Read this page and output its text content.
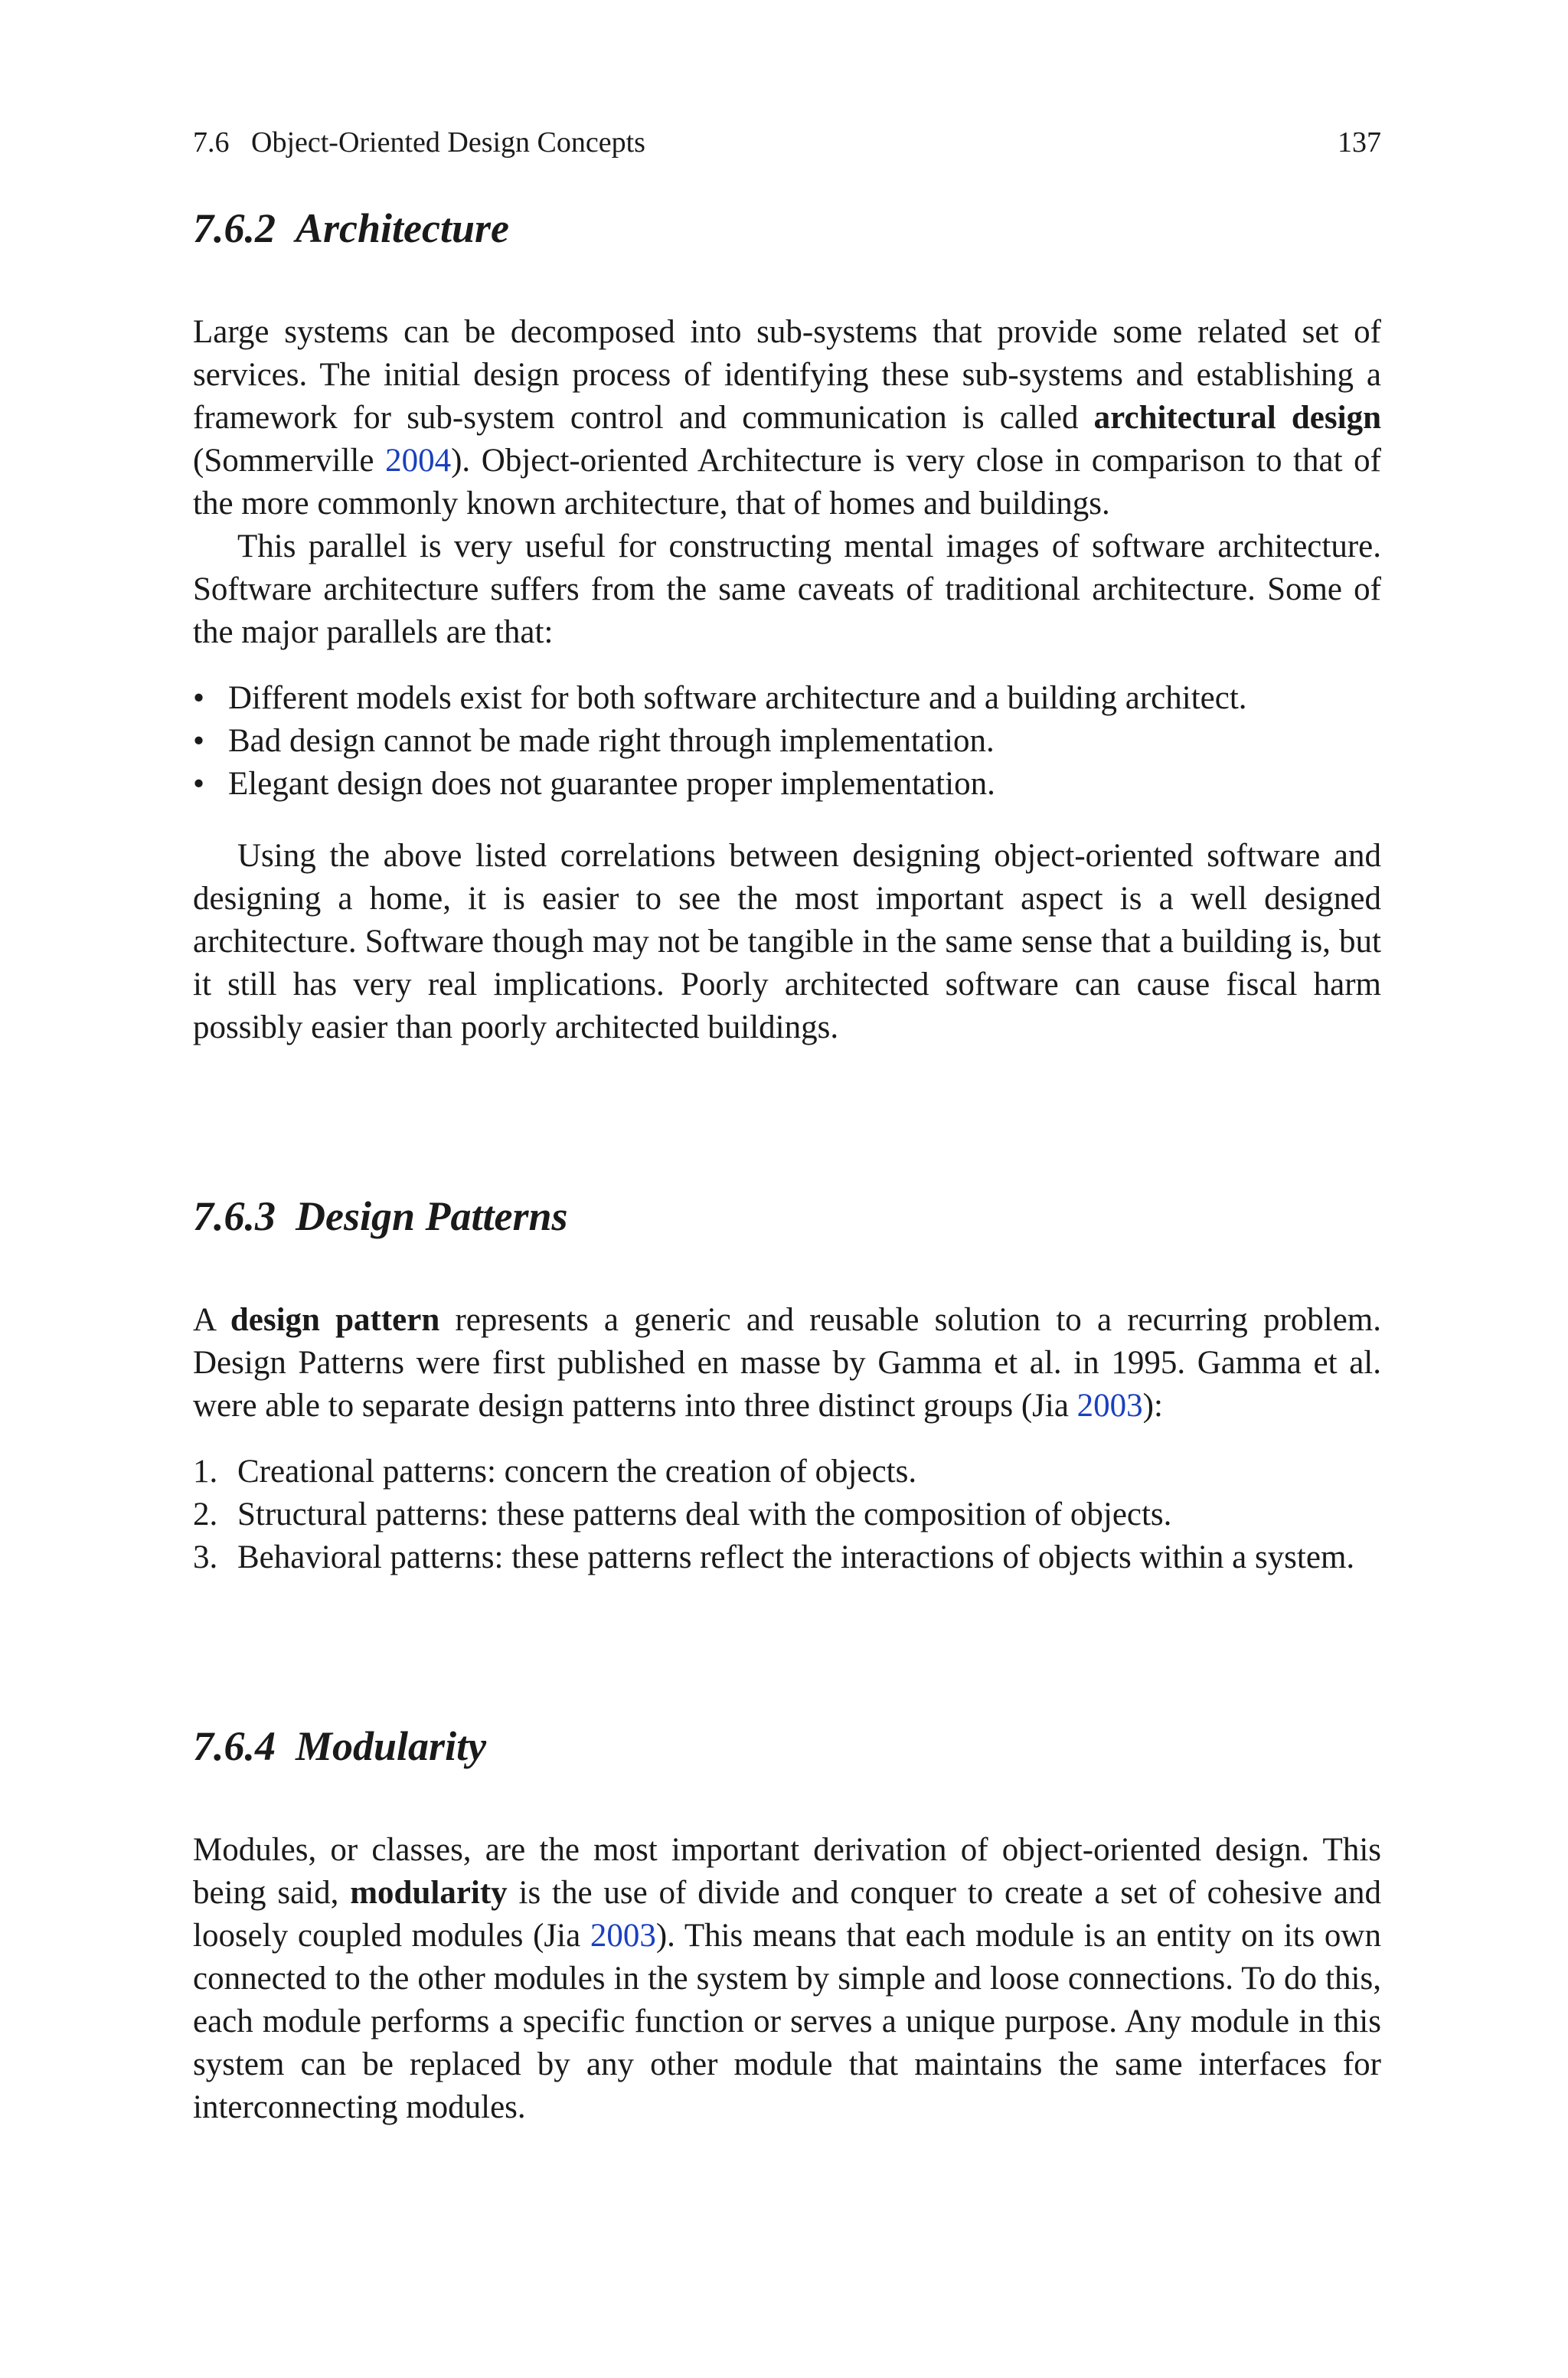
7.6   Object-Oriented Design Concepts	137
7.6.2 Architecture

Large systems can be decomposed into sub-systems that provide some related set of services. The initial design process of identifying these sub-systems and establishing a framework for sub-system control and communication is called architectural design (Sommerville 2004). Object-oriented Architecture is very close in comparison to that of the more commonly known architecture, that of homes and buildings.

This parallel is very useful for constructing mental images of software architecture. Software architecture suffers from the same caveats of traditional architecture. Some of the major parallels are that:

• Different models exist for both software architecture and a building architect.
• Bad design cannot be made right through implementation.
• Elegant design does not guarantee proper implementation.

Using the above listed correlations between designing object-oriented software and designing a home, it is easier to see the most important aspect is a well designed architecture. Software though may not be tangible in the same sense that a building is, but it still has very real implications. Poorly architected software can cause fiscal harm possibly easier than poorly architected buildings.

7.6.3 Design Patterns

A design pattern represents a generic and reusable solution to a recurring problem. Design Patterns were first published en masse by Gamma et al. in 1995. Gamma et al. were able to separate design patterns into three distinct groups (Jia 2003):

1. Creational patterns: concern the creation of objects.
2. Structural patterns: these patterns deal with the composition of objects.
3. Behavioral patterns: these patterns reflect the interactions of objects within a system.
7.6.4 Modularity

Modules, or classes, are the most important derivation of object-oriented design. This being said, modularity is the use of divide and conquer to create a set of cohesive and loosely coupled modules (Jia 2003). This means that each module is an entity on its own connected to the other modules in the system by simple and loose connections. To do this, each module performs a specific function or serves a unique purpose. Any module in this system can be replaced by any other module that maintains the same interfaces for interconnecting modules.
